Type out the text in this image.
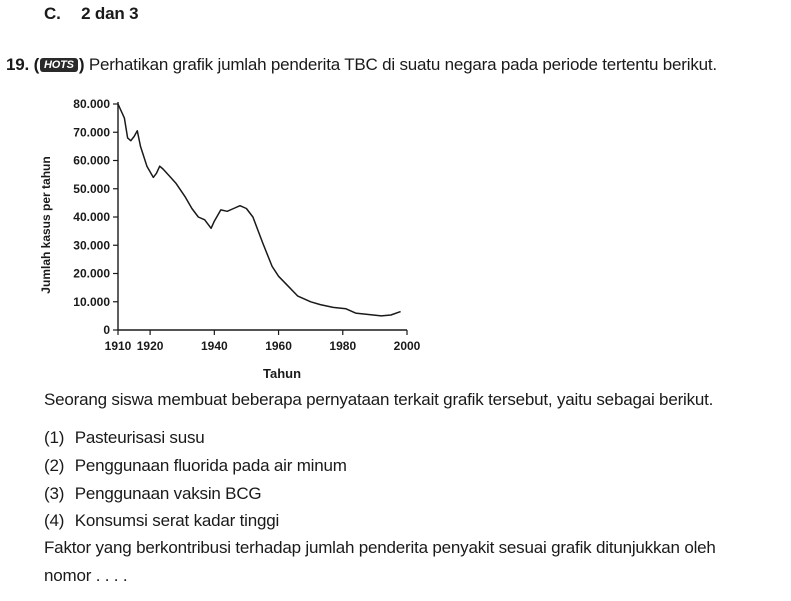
C. 2 dan 3
19. ( HOTS ) Perhatikan grafik jumlah penderita TBC di suatu negara pada periode tertentu berikut.
0
10.000
20.000
30.000
40.000
50.000
60.000
70.000
80.000
1910 1920	1940	1960	1980	2000
Jumlah kasus per tahun
Tahun
Seorang siswa membuat beberapa pernyataan terkait grafik tersebut, yaitu sebagai berikut.
(1) Pasteurisasi susu
(2) Penggunaan fluorida pada air minum
(3) Penggunaan vaksin BCG
(4) Konsumsi serat kadar tinggi
Faktor yang berkontribusi terhadap jumlah penderita penyakit sesuai grafik ditunjukkan oleh
nomor . . . .
